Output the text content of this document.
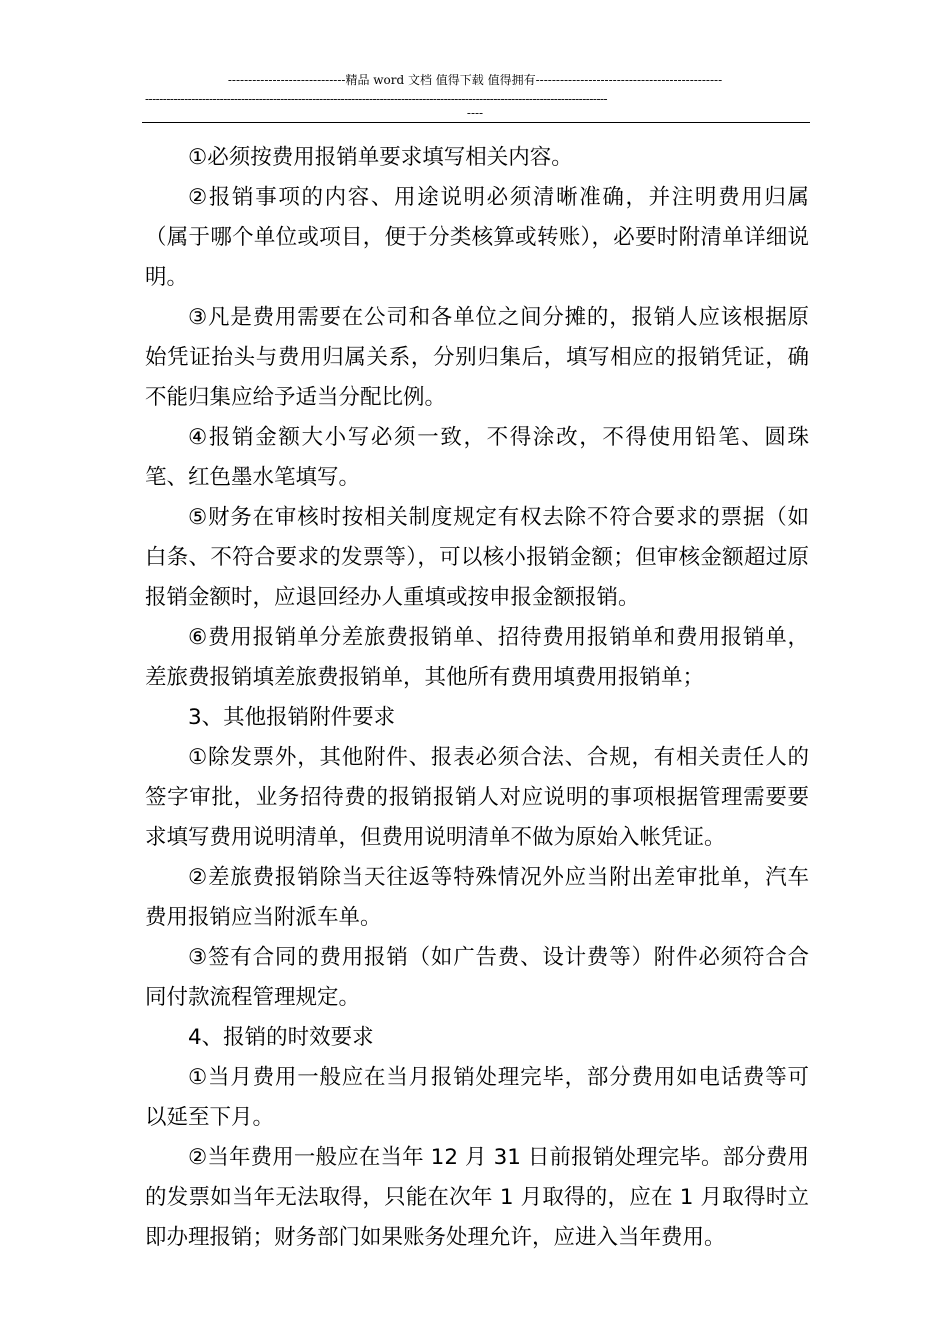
-----------------------------精品 word 文档 值得下载 值得拥有----------------------------------------------
----------------------------------------------------------------------------------------------------------------------------------
----

①必须按费用报销单要求填写相关内容。

②报销事项的内容、用途说明必须清晰准确，并注明费用归属（属于哪个单位或项目，便于分类核算或转账），必要时附清单详细说明。

③凡是费用需要在公司和各单位之间分摊的，报销人应该根据原始凭证抬头与费用归属关系，分别归集后，填写相应的报销凭证，确不能归集应给予适当分配比例。

④报销金额大小写必须一致，不得涂改，不得使用铅笔、圆珠笔、红色墨水笔填写。

⑤财务在审核时按相关制度规定有权去除不符合要求的票据（如白条、不符合要求的发票等），可以核小报销金额；但审核金额超过原报销金额时，应退回经办人重填或按申报金额报销。

⑥费用报销单分差旅费报销单、招待费用报销单和费用报销单，差旅费报销填差旅费报销单，其他所有费用填费用报销单；

3、其他报销附件要求

①除发票外，其他附件、报表必须合法、合规，有相关责任人的签字审批，业务招待费的报销报销人对应说明的事项根据管理需要要求填写费用说明清单，但费用说明清单不做为原始入帐凭证。

②差旅费报销除当天往返等特殊情况外应当附出差审批单，汽车费用报销应当附派车单。

③签有合同的费用报销（如广告费、设计费等）附件必须符合合同付款流程管理规定。

4、报销的时效要求

①当月费用一般应在当月报销处理完毕，部分费用如电话费等可以延至下月。

②当年费用一般应在当年 12 月 31 日前报销处理完毕。部分费用的发票如当年无法取得，只能在次年 1 月取得的，应在 1 月取得时立即办理报销；财务部门如果账务处理允许，应进入当年费用。
